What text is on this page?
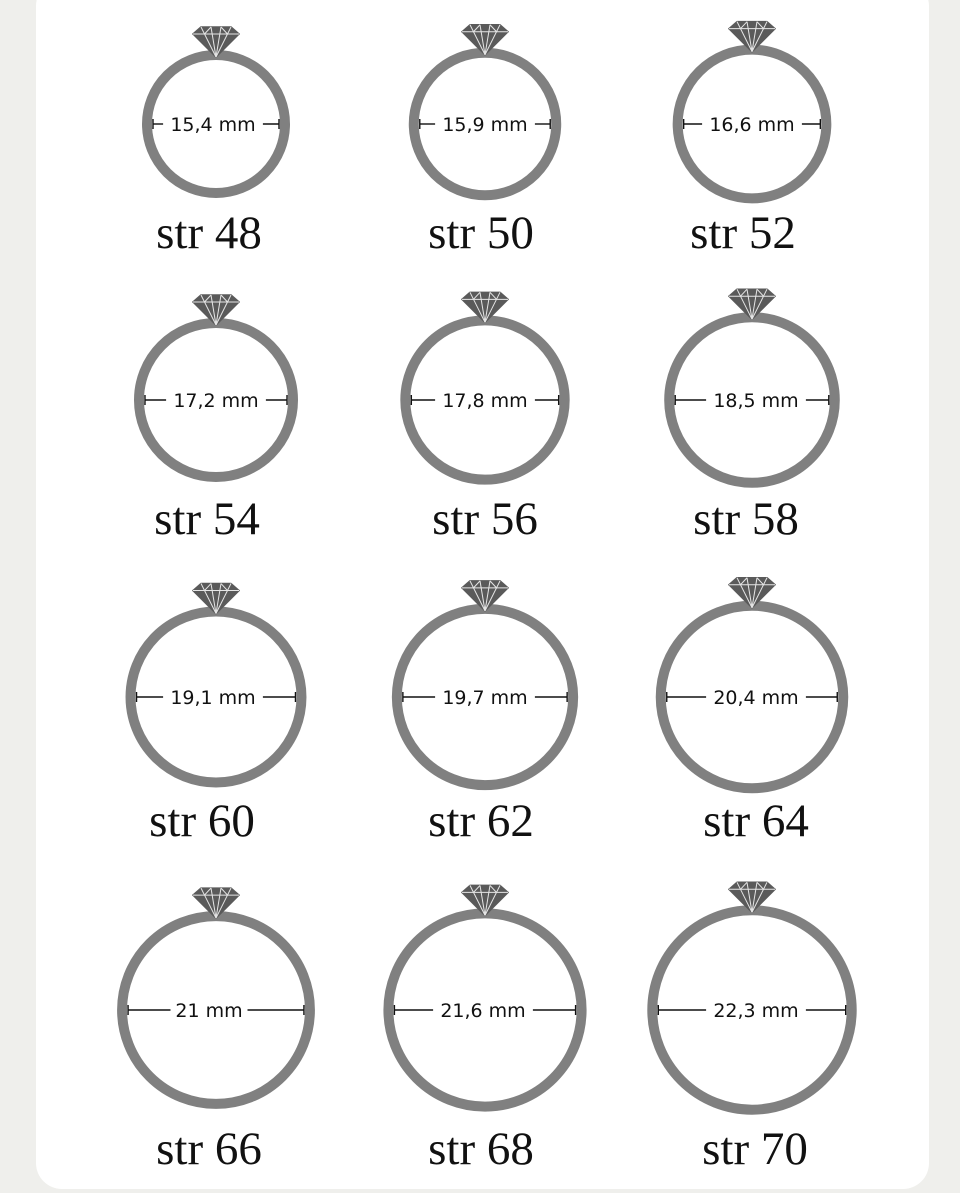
15,4 mm
str 48
15,9 mm
str 50
16,6 mm
str 52
17,2 mm
str 54
17,8 mm
str 56
18,5 mm
str 58
19,1 mm
str 60
19,7 mm
str 62
20,4 mm
str 64
21 mm
str 66
21,6 mm
str 68
22,3 mm
str 70
